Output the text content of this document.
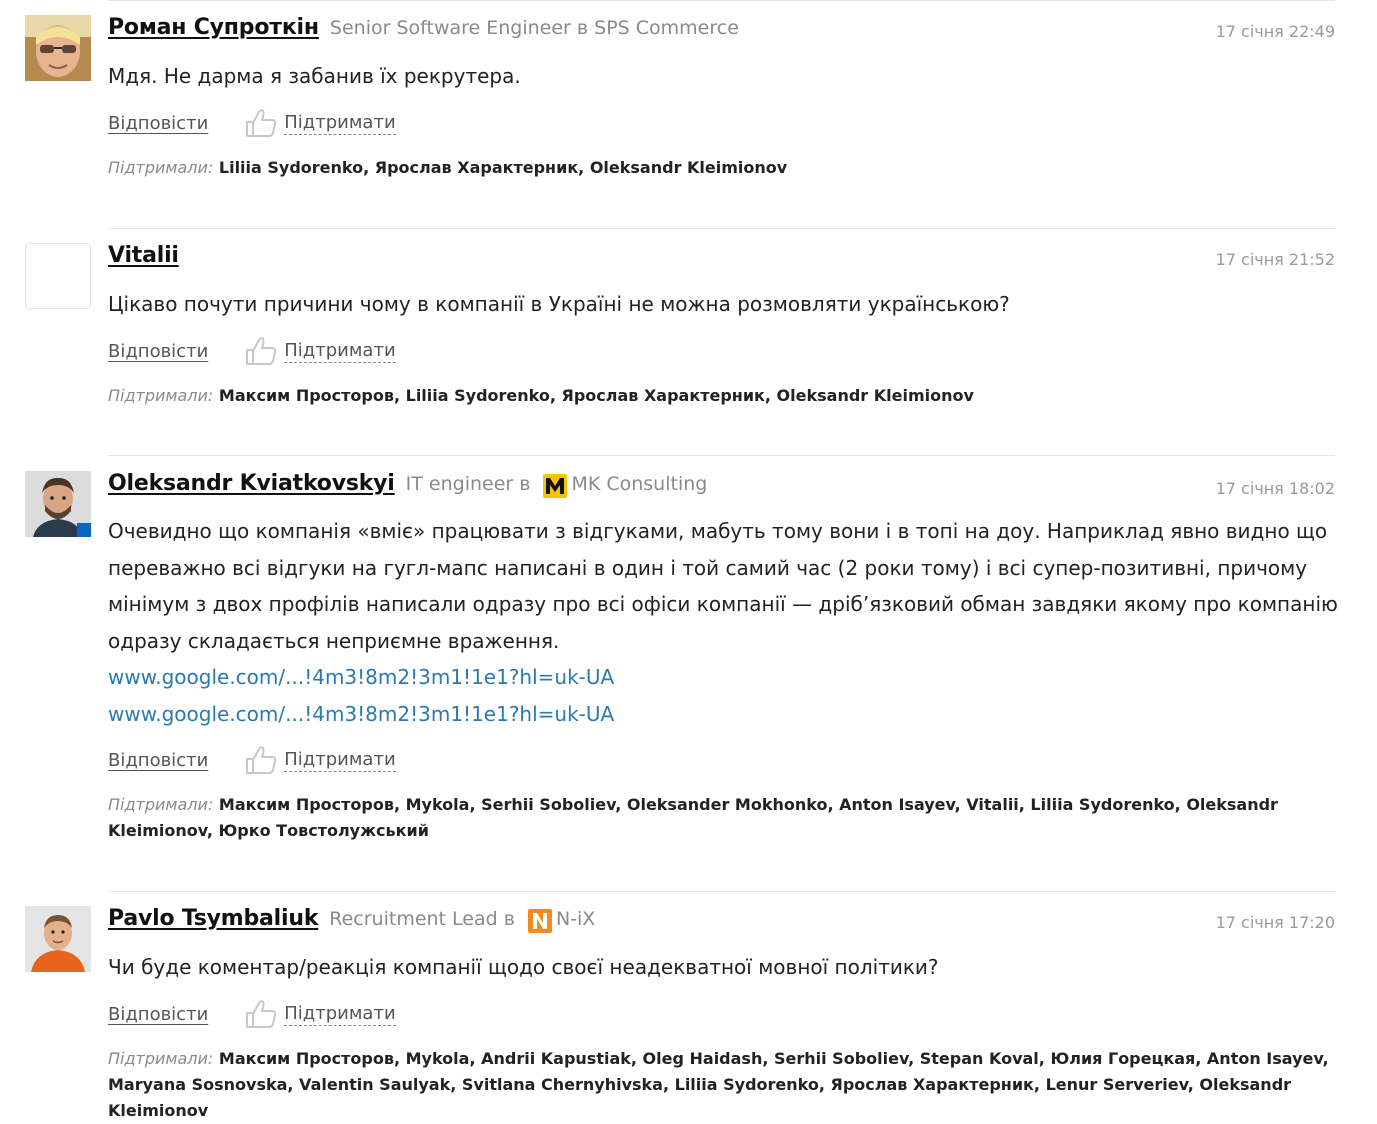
Роман Супроткін Senior Software Engineer в SPS Commerce	17 січня 22:49
Мдя. Не дарма я забанив їх рекрутера.
Відповісти	Підтримати
Підтримали: Liliia Sydorenko, Ярослав Характерник, Oleksandr Kleimionov
Vitalii	17 січня 21:52
Цікаво почути причини чому в компанії в Україні не можна розмовляти українською?
Відповісти	Підтримати
Підтримали: Максим Просторов, Liliia Sydorenko, Ярослав Характерник, Oleksandr Kleimionov
Oleksandr Kviatkovskyi IT engineer в MK Consulting	17 січня 18:02
Очевидно що компанія «вміє» працювати з відгуками, мабуть тому вони і в топі на доу. Наприклад явно видно що переважно всі відгуки на гугл-мапс написані в один і той самий час (2 роки тому) і всі супер-позитивні, причому мінімум з двох профілів написали одразу про всі офіси компанії — дріб’язковий обман завдяки якому про компанію одразу складається неприємне враження.
www.google.com/...!4m3!8m2!3m1!1e1?hl=uk-UA
www.google.com/...!4m3!8m2!3m1!1e1?hl=uk-UA
Відповісти	Підтримати
Підтримали: Максим Просторов, Mykola, Serhii Soboliev, Oleksander Mokhonko, Anton Isayev, Vitalii, Liliia Sydorenko, Oleksandr Kleimionov, Юрко Товстолужський
Pavlo Tsymbaliuk Recruitment Lead в N-iX	17 січня 17:20
Чи буде коментар/реакція компанії щодо своєї неадекватної мовної політики?
Відповісти	Підтримати
Підтримали: Максим Просторов, Mykola, Andrii Kapustiak, Oleg Haidash, Serhii Soboliev, Stepan Koval, Юлия Горецкая, Anton Isayev, Maryana Sosnovska, Valentin Saulyak, Svitlana Chernyhivska, Liliia Sydorenko, Ярослав Характерник, Lenur Serveriev, Oleksandr Kleimionov
